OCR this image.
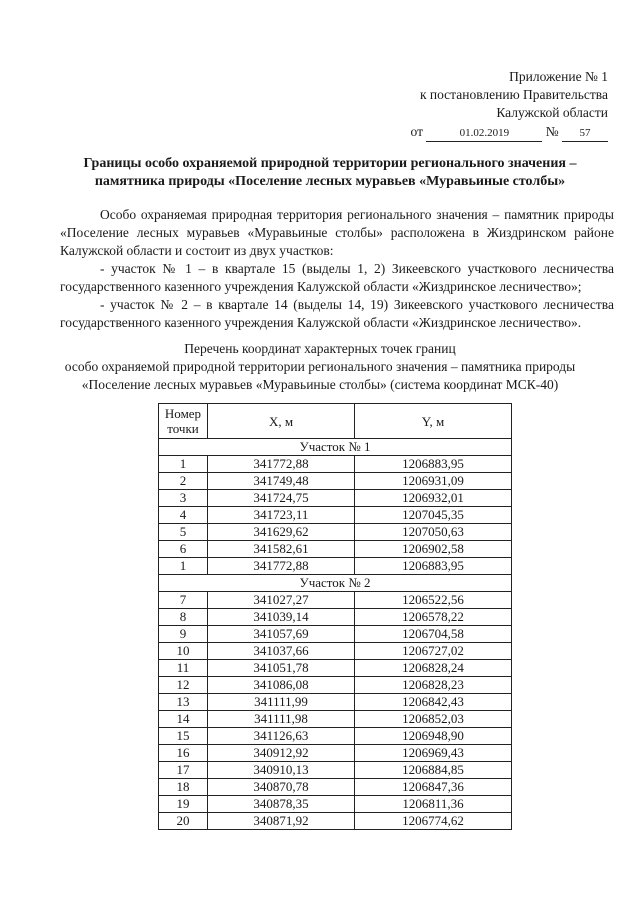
Приложение № 1
к постановлению Правительства
Калужской области
от	01.02.2019	№ 57
Границы особо охраняемой природной территории регионального значения –
памятника природы «Поселение лесных муравьев «Муравьиные столбы»

Особо охраняемая природная территория регионального значения – памятник природы «Поселение лесных муравьев «Муравьиные столбы» расположена в Жиздринском районе Калужской области и состоит из двух участков:

- участок № 1 – в квартале 15 (выделы 1, 2) Зикеевского участкового лесничества государственного казенного учреждения Калужской области «Жиздринское лесничество»;

- участок № 2 – в квартале 14 (выделы 14, 19) Зикеевского участкового лесничества государственного казенного учреждения Калужской области «Жиздринское лесничество».

Перечень координат характерных точек границ
особо охраняемой природной территории регионального значения – памятника природы
«Поселение лесных муравьев «Муравьиные столбы» (система координат МСК-40)
Номер точки	X, м	Y, м
Участок № 1		
1	341772,88	1206883,95
2	341749,48	1206931,09
3	341724,75	1206932,01
4	341723,11	1207045,35
5	341629,62	1207050,63
6	341582,61	1206902,58
1	341772,88	1206883,95
Участок № 2		
7	341027,27	1206522,56
8	341039,14	1206578,22
9	341057,69	1206704,58
10	341037,66	1206727,02
11	341051,78	1206828,24
12	341086,08	1206828,23
13	341111,99	1206842,43
14	341111,98	1206852,03
15	341126,63	1206948,90
16	340912,92	1206969,43
17	340910,13	1206884,85
18	340870,78	1206847,36
19	340878,35	1206811,36
20	340871,92	1206774,62
